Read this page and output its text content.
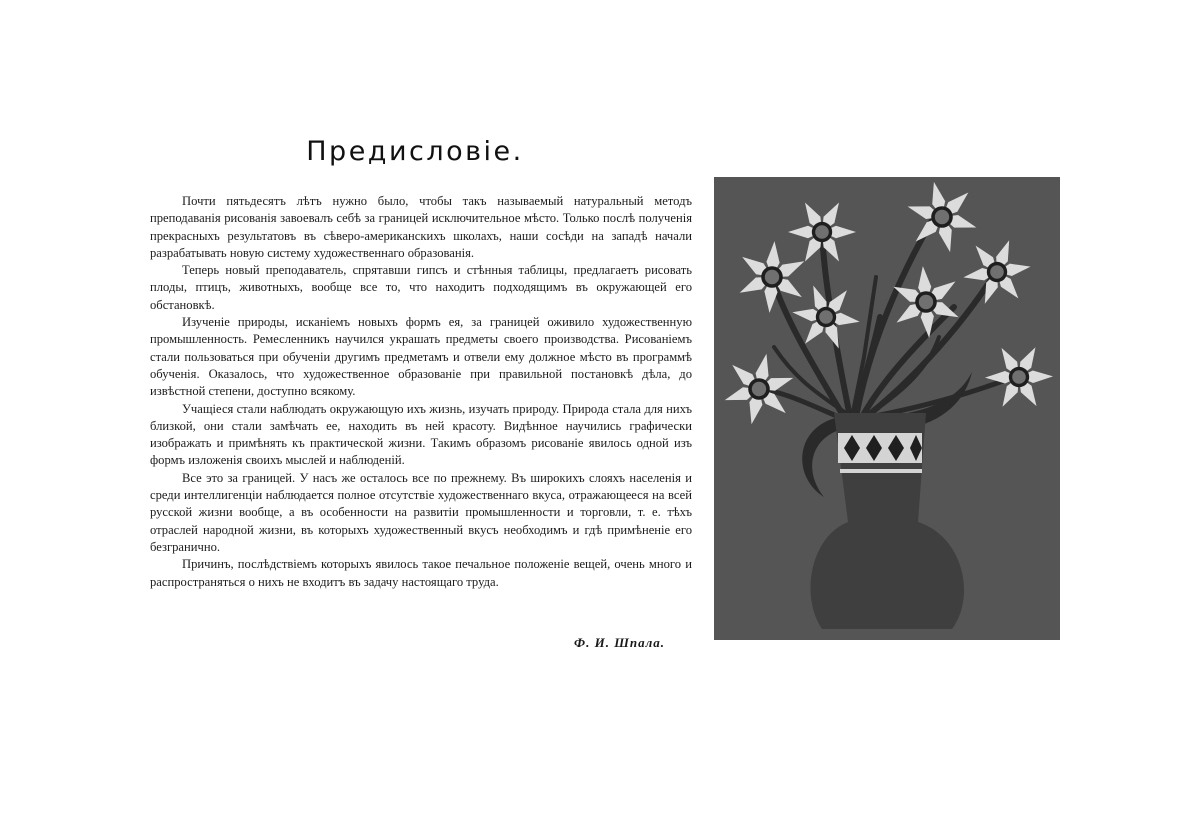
Предисловіе.

Почти пятьдесятъ лѣтъ нужно было, чтобы такъ называемый натуральный методъ преподаванія рисованія завоевалъ себѣ за границей исключительное мѣсто. Только послѣ полученія прекрасныхъ результатовъ въ сѣверо-американскихъ школахъ, наши сосѣди на западѣ начали разрабатывать новую систему художественнаго образованія.

Теперь новый преподаватель, спрятавши гипсъ и стѣнныя таблицы, предлагаетъ рисовать плоды, птицъ, животныхъ, вообще все то, что находитъ подходящимъ въ окружающей его обстановкѣ.

Изученіе природы, исканіемъ новыхъ формъ ея, за границей оживило художественную промышленность. Ремесленникъ научился украшать предметы своего производства. Рисованіемъ стали пользоваться при обученіи другимъ предметамъ и отвели ему должное мѣсто въ программѣ обученія. Оказалось, что художественное образованіе при правильной постановкѣ дѣла, до извѣстной степени, доступно всякому.

Учащіеся стали наблюдать окружающую ихъ жизнь, изучать природу. Природа стала для нихъ близкой, они стали замѣчать ее, находить въ ней красоту. Видѣнное научились графически изображать и примѣнять къ практической жизни. Такимъ образомъ рисованіе явилось одной изъ формъ изложенія своихъ мыслей и наблюденій.

Все это за границей. У насъ же осталось все по прежнему. Въ широкихъ слояхъ населенія и среди интеллигенціи наблюдается полное отсутствіе художественнаго вкуса, отражающееся на всей русской жизни вообще, а въ особенности на развитіи промышленности и торговли, т. е. тѣхъ отраслей народной жизни, въ которыхъ художественный вкусъ необходимъ и гдѣ примѣненіе его безгранично.

Причинъ, послѣдствіемъ которыхъ явилось такое печальное положеніе вещей, очень много и распространяться о нихъ не входитъ въ задачу настоящаго труда.

Ф. И. Шпала.
